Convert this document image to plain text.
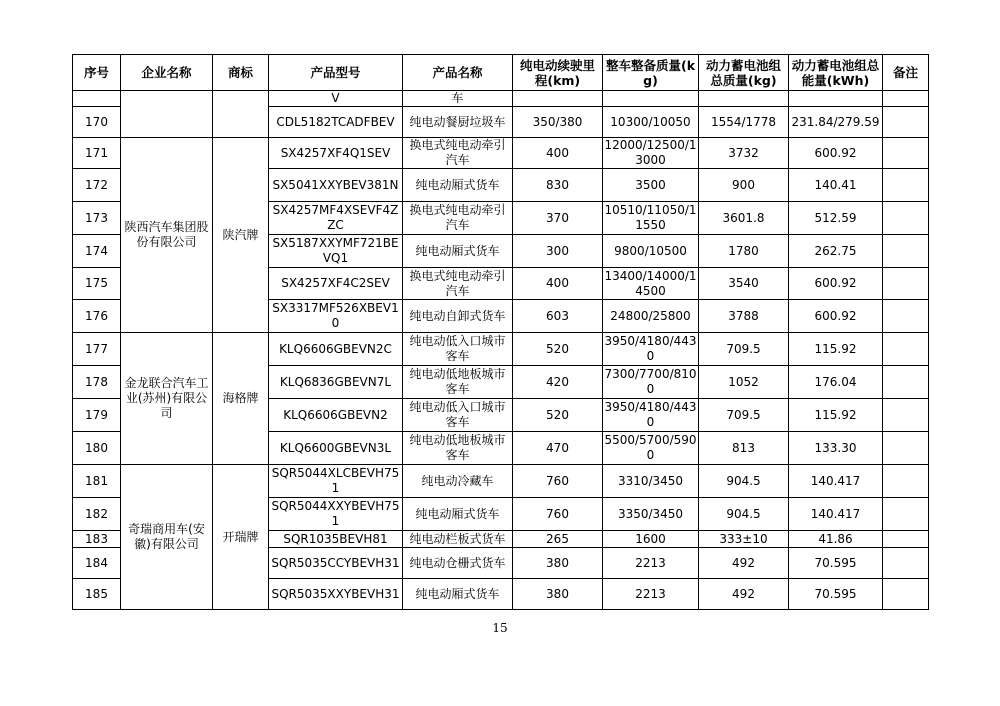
序号	企业名称	商标	产品型号	产品名称	纯电动续驶里程(km)	整车整备质量(kg)	动力蓄电池组总质量(kg)	动力蓄电池组总能量(kWh)	备注
			V	车					
170			CDL5182TCADFBEV	纯电动餐厨垃圾车	350/380	10300/10050	1554/1778	231.84/279.59	
171	陕西汽车集团股份有限公司	陕汽牌	SX4257XF4Q1SEV	换电式纯电动牵引汽车	400	12000/12500/13000	3732	600.92	
172			SX5041XXYBEV381N	纯电动厢式货车	830	3500	900	140.41	
173			SX4257MF4XSEVF4ZZC	换电式纯电动牵引汽车	370	10510/11050/11550	3601.8	512.59	
174			SX5187XXYMF721BEVQ1	纯电动厢式货车	300	9800/10500	1780	262.75	
175			SX4257XF4C2SEV	换电式纯电动牵引汽车	400	13400/14000/14500	3540	600.92	
176			SX3317MF526XBEV10	纯电动自卸式货车	603	24800/25800	3788	600.92	
177	金龙联合汽车工业(苏州)有限公司	海格牌	KLQ6606GBEVN2C	纯电动低入口城市客车	520	3950/4180/4430	709.5	115.92	
178			KLQ6836GBEVN7L	纯电动低地板城市客车	420	7300/7700/8100	1052	176.04	
179			KLQ6606GBEVN2	纯电动低入口城市客车	520	3950/4180/4430	709.5	115.92	
180			KLQ6600GBEVN3L	纯电动低地板城市客车	470	5500/5700/5900	813	133.30	
181	奇瑞商用车(安徽)有限公司	开瑞牌	SQR5044XLCBEVH751	纯电动冷藏车	760	3310/3450	904.5	140.417	
182			SQR5044XXYBEVH751	纯电动厢式货车	760	3350/3450	904.5	140.417	
183			SQR1035BEVH81	纯电动栏板式货车	265	1600	333±10	41.86	
184			SQR5035CCYBEVH31	纯电动仓栅式货车	380	2213	492	70.595	
185			SQR5035XXYBEVH31	纯电动厢式货车	380	2213	492	70.595	
15
